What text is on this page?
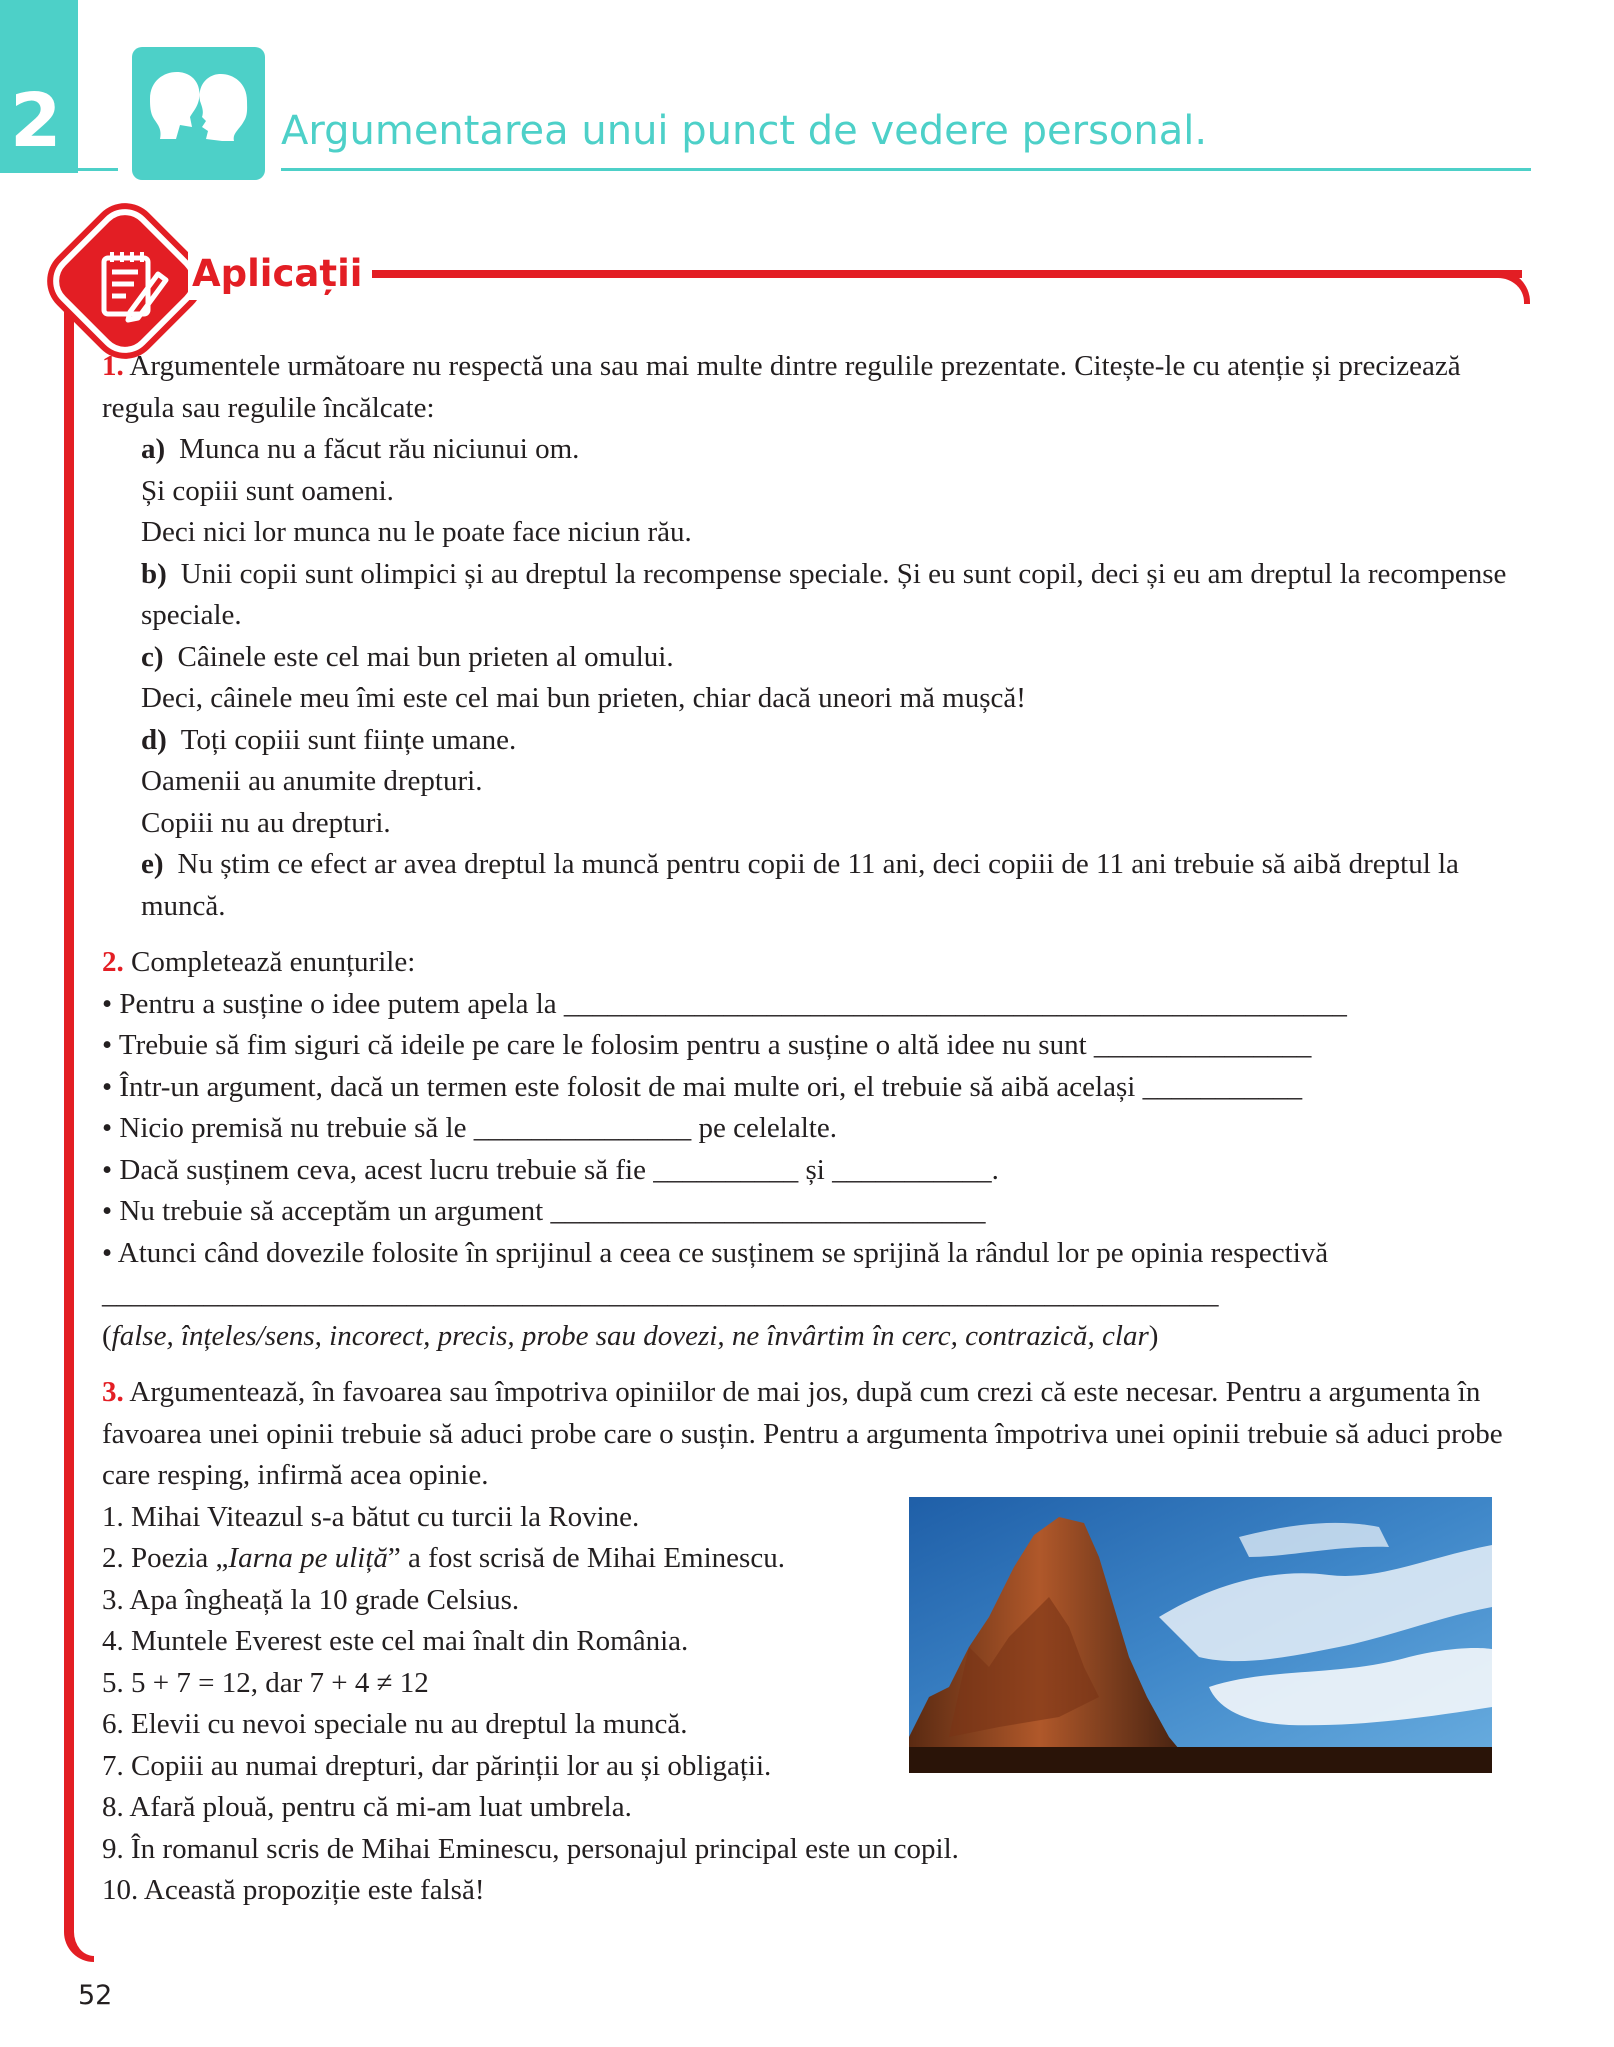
2	Argumentarea unui punct de vedere personal.
Aplicații

1. Argumentele următoare nu respectă una sau mai multe dintre regulile prezentate. Citește-le cu atenție și precizează regula sau regulile încălcate:

a) Munca nu a făcut rău niciunui om.

Și copiii sunt oameni.

Deci nici lor munca nu le poate face niciun rău.

b) Unii copii sunt olimpici și au dreptul la recompense speciale. Și eu sunt copil, deci și eu am dreptul la recompense speciale.

c) Câinele este cel mai bun prieten al omului.

Deci, câinele meu îmi este cel mai bun prieten, chiar dacă uneori mă mușcă!

d) Toți copiii sunt ființe umane.

Oamenii au anumite drepturi.

Copiii nu au drepturi.

e) Nu știm ce efect ar avea dreptul la muncă pentru copii de 11 ani, deci copiii de 11 ani trebuie să aibă dreptul la muncă.

2. Completează enunțurile:

• Pentru a susține o idee putem apela la ______________________________________________________

• Trebuie să fim siguri că ideile pe care le folosim pentru a susține o altă idee nu sunt _______________

• Într-un argument, dacă un termen este folosit de mai multe ori, el trebuie să aibă același ___________

• Nicio premisă nu trebuie să le _______________ pe celelalte.

• Dacă susținem ceva, acest lucru trebuie să fie __________ și ___________.

• Nu trebuie să acceptăm un argument ______________________________

• Atunci când dovezile folosite în sprijinul a ceea ce susținem se sprijină la rândul lor pe opinia respectivă _____________________________________________________________________________

(false, înțeles/sens, incorect, precis, probe sau dovezi, ne învârtim în cerc, contrazică, clar)

3. Argumentează, în favoarea sau împotriva opiniilor de mai jos, după cum crezi că este necesar. Pentru a argumenta în favoarea unei opinii trebuie să aduci probe care o susțin. Pentru a argumenta împotriva unei opinii trebuie să aduci probe care resping, infirmă acea opinie.

1. Mihai Viteazul s-a bătut cu turcii la Rovine.

2. Poezia „Iarna pe uliță” a fost scrisă de Mihai Eminescu.

3. Apa îngheață la 10 grade Celsius.

4. Muntele Everest este cel mai înalt din România.

5. 5 + 7 = 12, dar 7 + 4 ≠ 12

6. Elevii cu nevoi speciale nu au dreptul la muncă.

7. Copiii au numai drepturi, dar părinții lor au și obligații.

8. Afară plouă, pentru că mi-am luat umbrela.

9. În romanul scris de Mihai Eminescu, personajul principal este un copil.

10. Această propoziție este falsă!

52
